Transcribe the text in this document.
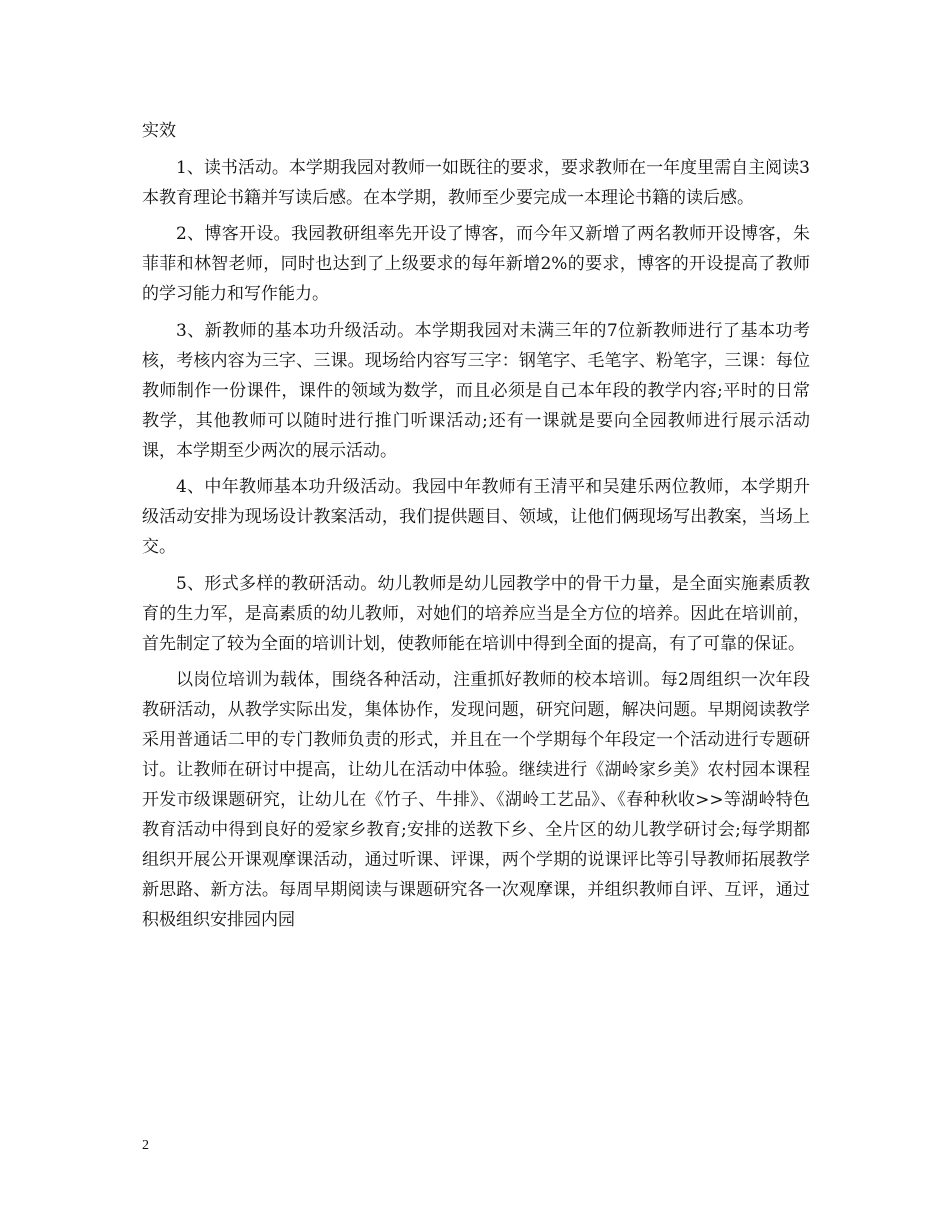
实效

1、读书活动。本学期我园对教师一如既往的要求，要求教师在一年度里需自主阅读3本教育理论书籍并写读后感。在本学期，教师至少要完成一本理论书籍的读后感。

2、博客开设。我园教研组率先开设了博客，而今年又新增了两名教师开设博客，朱菲菲和林智老师，同时也达到了上级要求的每年新增2%的要求，博客的开设提高了教师的学习能力和写作能力。

3、新教师的基本功升级活动。本学期我园对未满三年的7位新教师进行了基本功考核，考核内容为三字、三课。现场给内容写三字：钢笔字、毛笔字、粉笔字，三课：每位教师制作一份课件，课件的领域为数学，而且必须是自己本年段的教学内容;平时的日常教学，其他教师可以随时进行推门听课活动;还有一课就是要向全园教师进行展示活动课，本学期至少两次的展示活动。

4、中年教师基本功升级活动。我园中年教师有王清平和吴建乐两位教师，本学期升级活动安排为现场设计教案活动，我们提供题目、领域，让他们俩现场写出教案，当场上交。

5、形式多样的教研活动。幼儿教师是幼儿园教学中的骨干力量，是全面实施素质教育的生力军，是高素质的幼儿教师，对她们的培养应当是全方位的培养。因此在培训前，首先制定了较为全面的培训计划，使教师能在培训中得到全面的提高，有了可靠的保证。

以岗位培训为载体，围绕各种活动，注重抓好教师的校本培训。每2周组织一次年段教研活动，从教学实际出发，集体协作，发现问题，研究问题，解决问题。早期阅读教学采用普通话二甲的专门教师负责的形式，并且在一个学期每个年段定一个活动进行专题研讨。让教师在研讨中提高，让幼儿在活动中体验。继续进行《湖岭家乡美》农村园本课程开发市级课题研究，让幼儿在《竹子、牛排》、《湖岭工艺品》、《春种秋收>>等湖岭特色教育活动中得到良好的爱家乡教育;安排的送教下乡、全片区的幼儿教学研讨会;每学期都组织开展公开课观摩课活动，通过听课、评课，两个学期的说课评比等引导教师拓展教学新思路、新方法。每周早期阅读与课题研究各一次观摩课，并组织教师自评、互评，通过积极组织安排园内园

2
